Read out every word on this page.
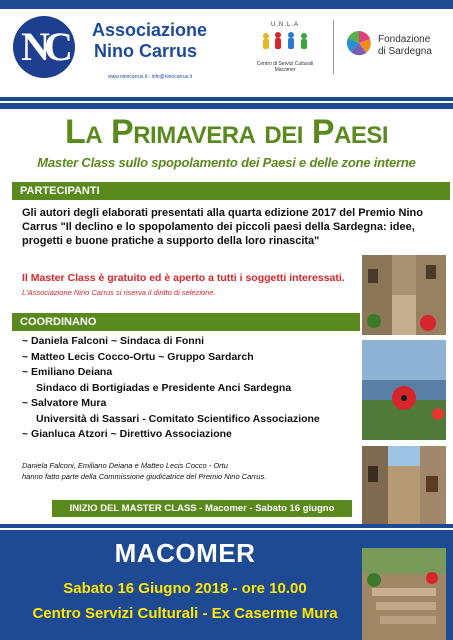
NC Associazione
Nino Carrus
www.ninocarrus.it - info@ninocarrus.it
U.N.L.A
Centro di Servizi Culturali
Macomer
Fondazione
di Sardegna
La Primavera dei Paesi
Master Class sullo spopolamento dei Paesi e delle zone interne
PARTECIPANTI
Gli autori degli elaborati presentati alla quarta edizione 2017 del Premio Nino Carrus "Il declino e lo spopolamento dei piccoli paesi della Sardegna: idee, progetti e buone pratiche a supporto della loro rinascita"
Il Master Class è gratuito ed è aperto a tutti i soggetti interessati.
L'Associazione Nino Carrus si riserva il diritto di selezione.
COORDINANO
~ Daniela Falconi ~ Sindaca di Fonni
~ Matteo Lecis Cocco-Ortu ~ Gruppo Sardarch
~ Emiliano Deiana
Sindaco di Bortigiadas e Presidente Anci Sardegna
~ Salvatore Mura
Università di Sassari - Comitato Scientifico Associazione
~ Gianluca Atzori ~ Direttivo Associazione
Daniela Falconi, Emiliano Deiana e Matteo Lecis Cocco - Ortu
hanno fatto parte della Commissione giudicatrice del Premio Nino Carrus.
INIZIO DEL MASTER CLASS - Macomer - Sabato 16 giugno
MACOMER
Sabato 16 Giugno 2018 - ore 10.00
Centro Servizi Culturali - Ex Caserme Mura
